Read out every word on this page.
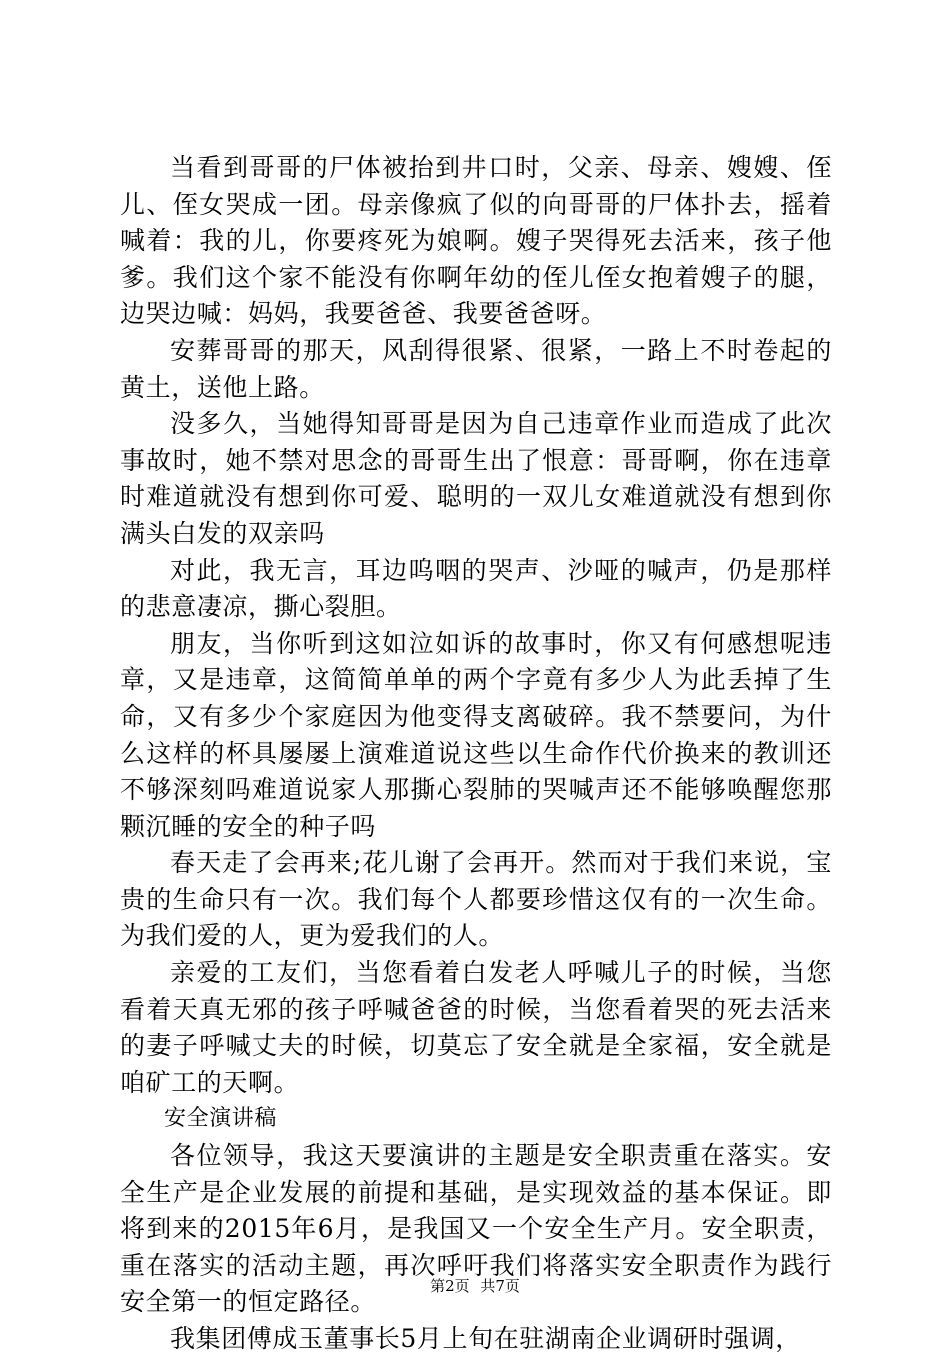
当看到哥哥的尸体被抬到井口时，父亲、母亲、嫂嫂、侄儿、侄女哭成一团。母亲像疯了似的向哥哥的尸体扑去，摇着喊着：我的儿，你要疼死为娘啊。嫂子哭得死去活来，孩子他爹。我们这个家不能没有你啊年幼的侄儿侄女抱着嫂子的腿，边哭边喊：妈妈，我要爸爸、我要爸爸呀。

安葬哥哥的那天，风刮得很紧、很紧，一路上不时卷起的黄土，送他上路。

没多久，当她得知哥哥是因为自己违章作业而造成了此次事故时，她不禁对思念的哥哥生出了恨意：哥哥啊，你在违章时难道就没有想到你可爱、聪明的一双儿女难道就没有想到你满头白发的双亲吗

对此，我无言，耳边呜咽的哭声、沙哑的喊声，仍是那样的悲意凄凉，撕心裂胆。

朋友，当你听到这如泣如诉的故事时，你又有何感想呢违章，又是违章，这简简单单的两个字竟有多少人为此丢掉了生命，又有多少个家庭因为他变得支离破碎。我不禁要问，为什么这样的杯具屡屡上演难道说这些以生命作代价换来的教训还不够深刻吗难道说家人那撕心裂肺的哭喊声还不能够唤醒您那颗沉睡的安全的种子吗

春天走了会再来;花儿谢了会再开。然而对于我们来说，宝贵的生命只有一次。我们每个人都要珍惜这仅有的一次生命。为我们爱的人，更为爱我们的人。

亲爱的工友们，当您看着白发老人呼喊儿子的时候，当您看着天真无邪的孩子呼喊爸爸的时候，当您看着哭的死去活来的妻子呼喊丈夫的时候，切莫忘了安全就是全家福，安全就是咱矿工的天啊。

安全演讲稿

各位领导，我这天要演讲的主题是安全职责重在落实。安全生产是企业发展的前提和基础，是实现效益的基本保证。即将到来的2015年6月，是我国又一个安全生产月。安全职责，重在落实的活动主题，再次呼吁我们将落实安全职责作为践行安全第一的恒定路径。

我集团傅成玉董事长5月上旬在驻湖南企业调研时强调，

第2页 共7页
